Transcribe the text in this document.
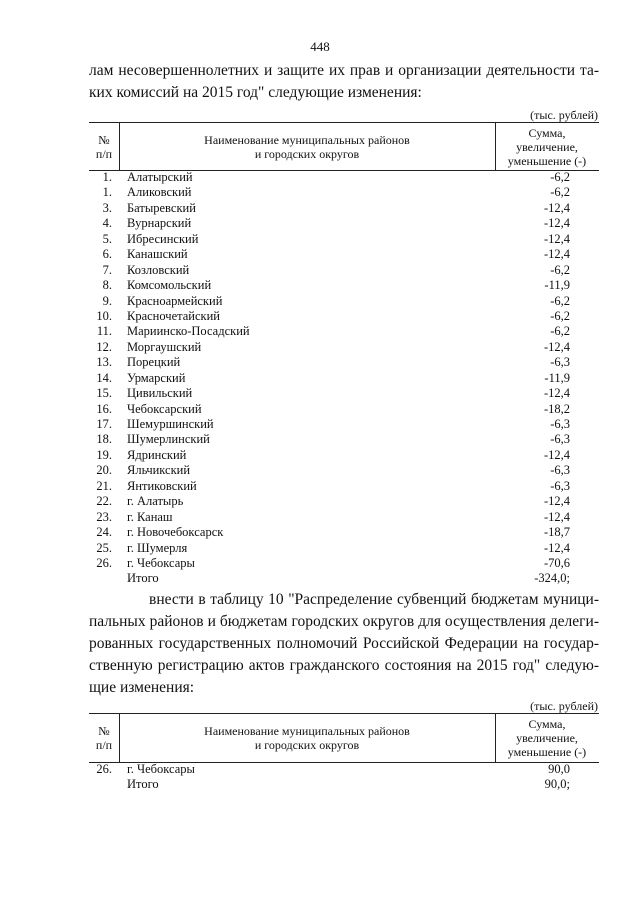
448
лам несовершеннолетних и защите их прав и организации деятельности та-
ких комиссий на 2015 год" следующие изменения:
(тыс. рублей)
№
п/п
Наименование муниципальных районов
и городских округов
Сумма,
увеличение,
уменьшение (-)
1. Алатырский	-6,2
1. Аликовский	-6,2
3. Батыревский	-12,4
4. Вурнарский	-12,4
5. Ибресинский	-12,4
6. Канашский	-12,4
7. Козловский	-6,2
8. Комсомольский	-11,9
9. Красноармейский	-6,2
10. Красночетайский	-6,2
11. Мариинско-Посадский	-6,2
12. Моргаушский	-12,4
13. Порецкий	-6,3
14. Урмарский	-11,9
15. Цивильский	-12,4
16. Чебоксарский	-18,2
17. Шемуршинский	-6,3
18. Шумерлинский	-6,3
19. Ядринский	-12,4
20. Яльчикский	-6,3
21. Янтиковский	-6,3
22. г. Алатырь	-12,4
23. г. Канаш	-12,4
24. г. Новочебоксарск	-18,7
25. г. Шумерля	-12,4
26. г. Чебоксары	-70,6
Итого	-324,0;
внести в таблицу 10 "Распределение субвенций бюджетам муници-
пальных районов и бюджетам городских округов для осуществления делеги-
рованных государственных полномочий Российской Федерации на государ-
ственную регистрацию актов гражданского состояния на 2015 год" следую-
щие изменения:
(тыс. рублей)
№
п/п
Наименование муниципальных районов
и городских округов
Сумма,
увеличение,
уменьшение (-)
26. г. Чебоксары	90,0
Итого	90,0;
